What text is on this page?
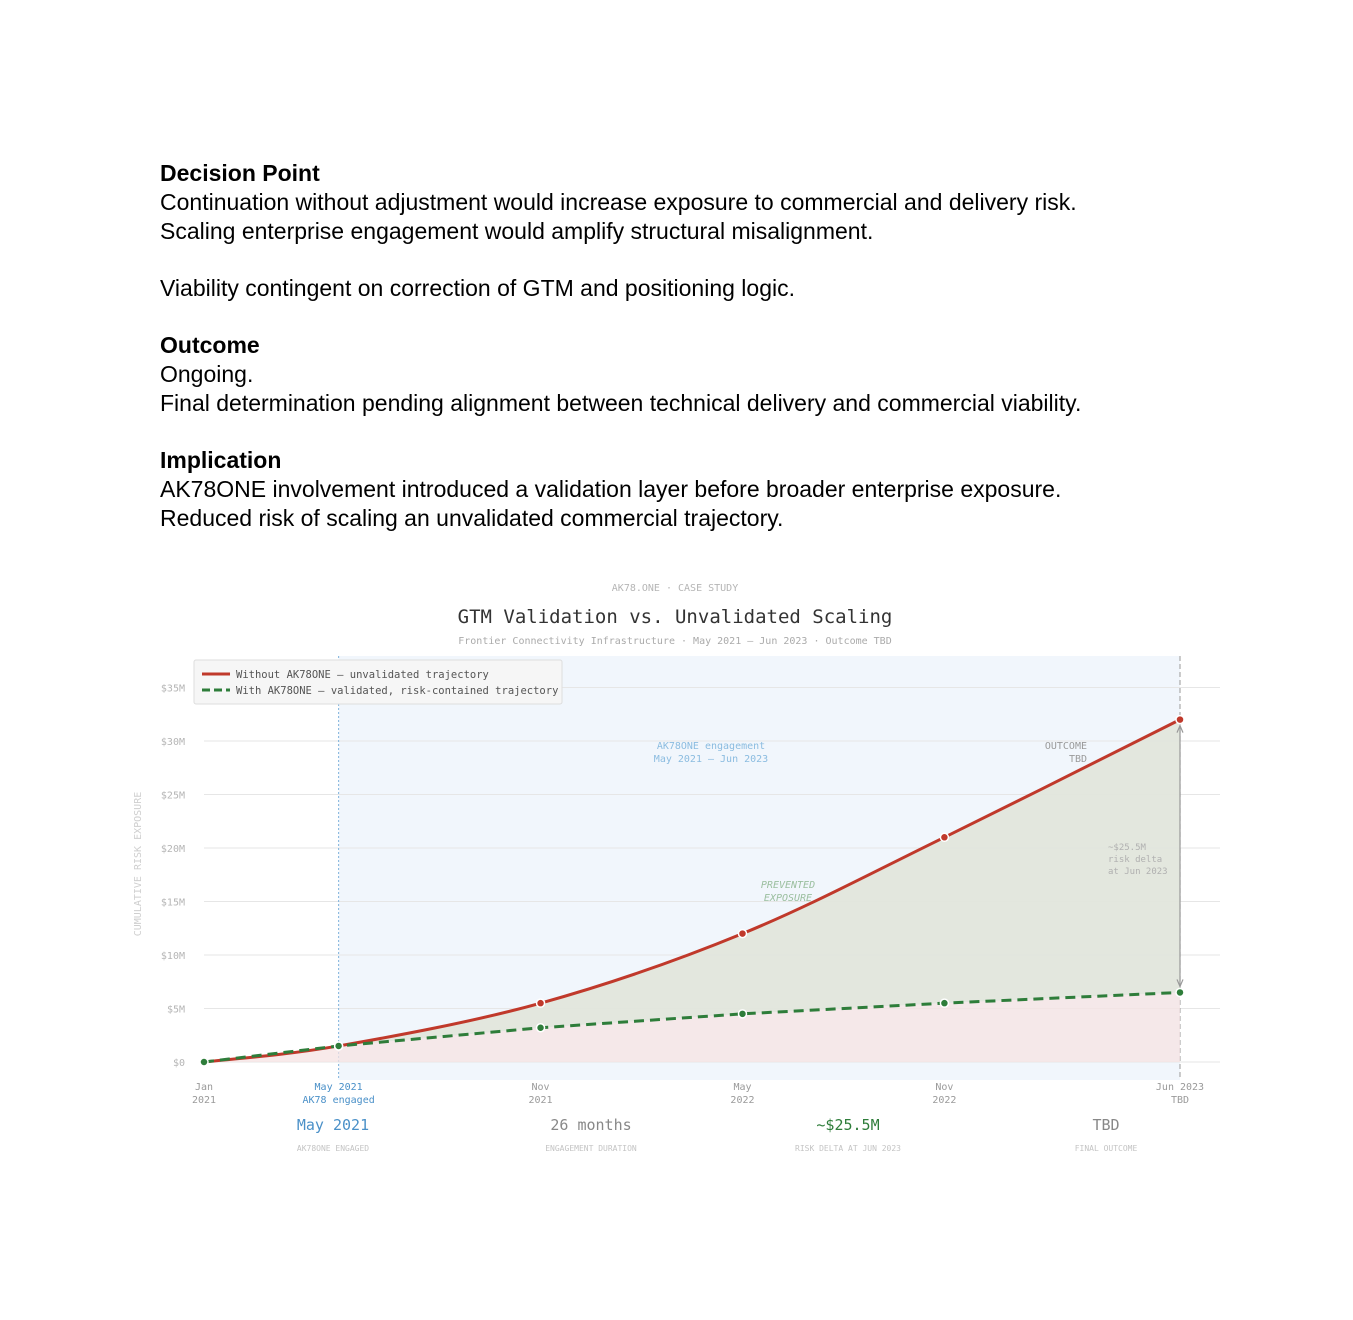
Decision Point
Continuation without adjustment would increase exposure to commercial and delivery risk.
Scaling enterprise engagement would amplify structural misalignment.
Viability contingent on correction of GTM and positioning logic.
Outcome
Ongoing.
Final determination pending alignment between technical delivery and commercial viability.
Implication
AK78ONE involvement introduced a validation layer before broader enterprise exposure.
Reduced risk of scaling an unvalidated commercial trajectory.
AK78ONE engagement
May 2021 – Jun 2023
OUTCOME
TBD
PREVENTED
EXPOSURE
~$25.5M
risk delta
at Jun 2023
$0
$5M
$10M
$15M
$20M
$25M
$30M
$35M
CUMULATIVE RISK EXPOSURE
Jan
2021
May 2021
AK78 engaged
Nov
2021
May
2022
Nov
2022
Jun 2023
TBD
Without AK78ONE — unvalidated trajectory
With AK78ONE — validated, risk-contained trajectory
AK78.ONE · CASE STUDY
GTM Validation vs. Unvalidated Scaling
Frontier Connectivity Infrastructure · May 2021 – Jun 2023 · Outcome TBD
May 2021
AK78ONE ENGAGED
26 months
ENGAGEMENT DURATION
~$25.5M
RISK DELTA AT JUN 2023
TBD
FINAL OUTCOME
